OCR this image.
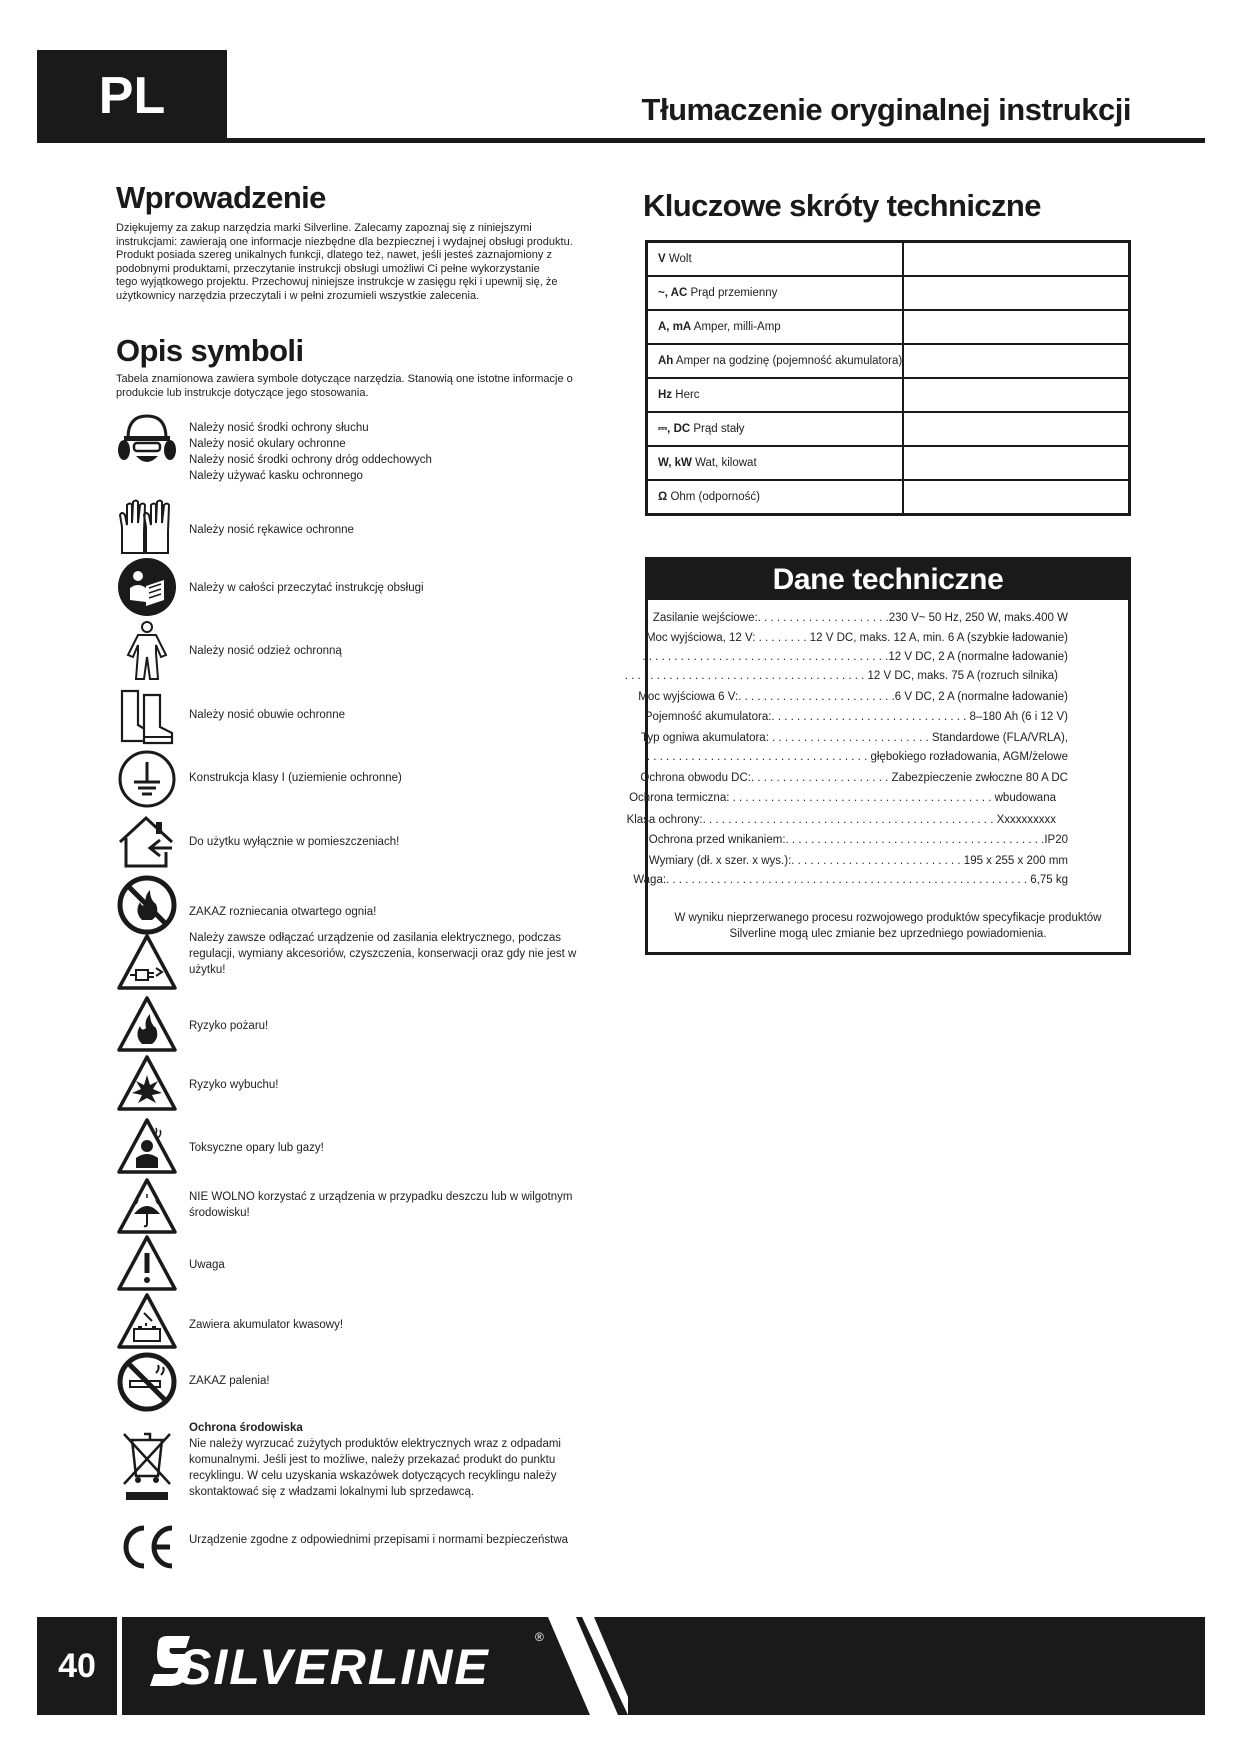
PL	Tłumaczenie oryginalnej instrukcji
Wprowadzenie
Dziękujemy za zakup narzędzia marki Silverline. Zalecamy zapoznaj się z niniejszymi
instrukcjami: zawierają one informacje niezbędne dla bezpiecznej i wydajnej obsługi produktu.
Produkt posiada szereg unikalnych funkcji, dlatego też, nawet, jeśli jesteś zaznajomiony z
podobnymi produktami, przeczytanie instrukcji obsługi umożliwi Ci pełne wykorzystanie
tego wyjątkowego projektu. Przechowuj niniejsze instrukcje w zasięgu ręki i upewnij się, że
użytkownicy narzędzia przeczytali i w pełni zrozumieli wszystkie zalecenia.
Opis symboli
Tabela znamionowa zawiera symbole dotyczące narzędzia. Stanowią one istotne informacje o
produkcie lub instrukcje dotyczące jego stosowania.
Należy nosić środki ochrony słuchu
Należy nosić okulary ochronne
Należy nosić środki ochrony dróg oddechowych
Należy używać kasku ochronnego
Należy nosić rękawice ochronne
Należy w całości przeczytać instrukcję obsługi
Należy nosić odzież ochronną
Należy nosić obuwie ochronne
Konstrukcja klasy I (uziemienie ochronne)
Do użytku wyłącznie w pomieszczeniach!
ZAKAZ rozniecania otwartego ognia!
Należy zawsze odłączać urządzenie od zasilania elektrycznego, podczas
regulacji, wymiany akcesoriów, czyszczenia, konserwacji oraz gdy nie jest w
użytku!
Ryzyko pożaru!
Ryzyko wybuchu!
Toksyczne opary lub gazy!
NIE WOLNO korzystać z urządzenia w przypadku deszczu lub w wilgotnym
środowisku!
Uwaga
Zawiera akumulator kwasowy!
ZAKAZ palenia!
Ochrona środowiska
Nie należy wyrzucać zużytych produktów elektrycznych wraz z odpadami
komunalnymi. Jeśli jest to możliwe, należy przekazać produkt do punktu
recyklingu. W celu uzyskania wskazówek dotyczących recyklingu należy
skontaktować się z władzami lokalnymi lub sprzedawcą.
Urządzenie zgodne z odpowiednimi przepisami i normami bezpieczeństwa
Kluczowe skróty techniczne
V Wolt	
~, AC Prąd przemienny	
A, mA Amper, milli-Amp	
Ah Amper na godzinę (pojemność akumulatora)	
Hz Herc	
⎓, DC Prąd stały	
W, kW Wat, kilowat	
Ω Ohm (odporność)	
Dane techniczne
Zasilanie wejściowe:. . . . . . . . . . . . . . . . . . . . .230 V~ 50 Hz, 250 W, maks.400 W
Moc wyjściowa, 12 V: . . . . . . . . 12 V DC, maks. 12 A, min. 6 A (szybkie ładowanie)
. . . . . . . . . . . . . . . . . . . . . . . . . . . . . . . . . . . . . . .12 V DC, 2 A (normalne ładowanie)
. . . . . . . . . . . . . . . . . . . . . . . . . . . . . . . . . . . . . . 12 V DC, maks. 75 A (rozruch silnika)
Moc wyjściowa 6 V:. . . . . . . . . . . . . . . . . . . . . . . . .6 V DC, 2 A (normalne ładowanie)
Pojemność akumulatora:. . . . . . . . . . . . . . . . . . . . . . . . . . . . . . . 8–180 Ah (6 i 12 V)
Typ ogniwa akumulatora: . . . . . . . . . . . . . . . . . . . . . . . . . Standardowe (FLA/VRLA),
. . . . . . . . . . . . . . . . . . . . . . . . . . . . . . . . . . . głębokiego rozładowania, AGM/żelowe
Ochrona obwodu DC:. . . . . . . . . . . . . . . . . . . . . . Zabezpieczenie zwłoczne 80 A DC
Ochrona termiczna: . . . . . . . . . . . . . . . . . . . . . . . . . . . . . . . . . . . . . . . . . wbudowana
Klasa ochrony:. . . . . . . . . . . . . . . . . . . . . . . . . . . . . . . . . . . . . . . . . . . . . . Xxxxxxxxxx
Ochrona przed wnikaniem:. . . . . . . . . . . . . . . . . . . . . . . . . . . . . . . . . . . . . . . . .IP20
Wymiary (dł. x szer. x wys.):. . . . . . . . . . . . . . . . . . . . . . . . . . . 195 x 255 x 200 mm
Waga:. . . . . . . . . . . . . . . . . . . . . . . . . . . . . . . . . . . . . . . . . . . . . . . . . . . . . . . . . 6,75 kg
W wyniku nieprzerwanego procesu rozwojowego produktów specyfikacje produktów
Silverline mogą ulec zmianie bez uprzedniego powiadomienia.
40	SILVERLINE
®
